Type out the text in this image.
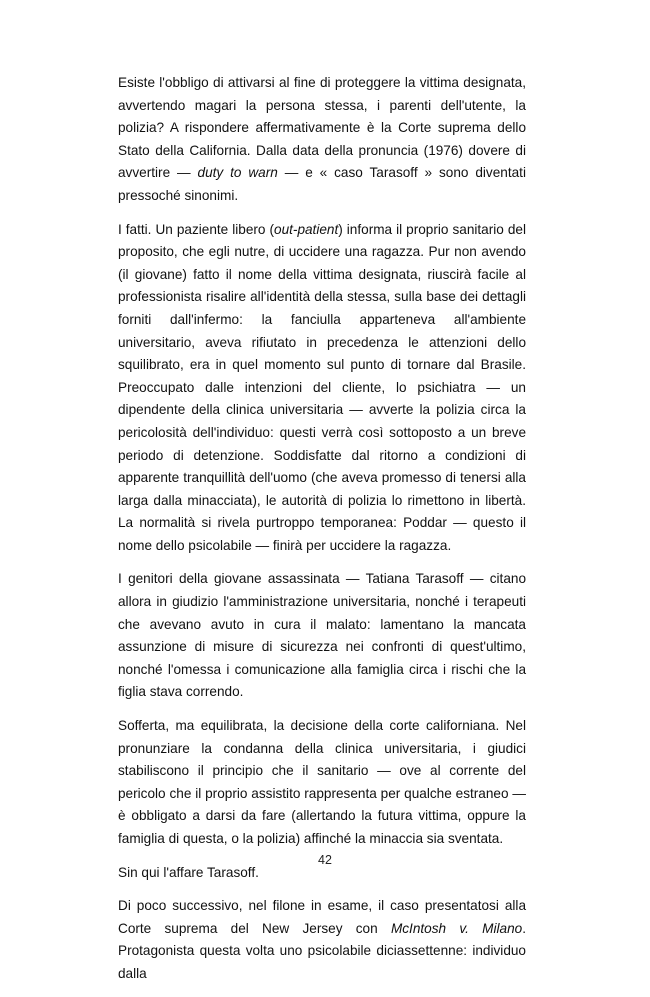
Esiste l'obbligo di attivarsi al fine di proteggere la vittima designata, avvertendo magari la persona stessa, i parenti dell'utente, la polizia? A rispondere affermativamente è la Corte suprema dello Stato della California. Dalla data della pronuncia (1976) dovere di avvertire — duty to warn — e « caso Tarasoff » sono diventati pressoché sinonimi.

I fatti. Un paziente libero (out-patient) informa il proprio sanitario del proposito, che egli nutre, di uccidere una ragazza. Pur non avendo (il giovane) fatto il nome della vittima designata, riuscirà facile al professionista risalire all'identità della stessa, sulla base dei dettagli forniti dall'infermo: la fanciulla apparteneva all'ambiente universitario, aveva rifiutato in precedenza le attenzioni dello squilibrato, era in quel momento sul punto di tornare dal Brasile. Preoccupato dalle intenzioni del cliente, lo psichiatra — un dipendente della clinica universitaria — avverte la polizia circa la pericolosità dell'individuo: questi verrà così sottoposto a un breve periodo di detenzione. Soddisfatte dal ritorno a condizioni di apparente tranquillità dell'uomo (che aveva promesso di tenersi alla larga dalla minacciata), le autorità di polizia lo rimettono in libertà. La normalità si rivela purtroppo temporanea: Poddar — questo il nome dello psicolabile — finirà per uccidere la ragazza.

I genitori della giovane assassinata — Tatiana Tarasoff — citano allora in giudizio l'amministrazione universitaria, nonché i terapeuti che avevano avuto in cura il malato: lamentano la mancata assunzione di misure di sicurezza nei confronti di quest'ultimo, nonché l'omessa i comunicazione alla famiglia circa i rischi che la figlia stava correndo.

Sofferta, ma equilibrata, la decisione della corte californiana. Nel pronunziare la condanna della clinica universitaria, i giudici stabiliscono il principio che il sanitario — ove al corrente del pericolo che il proprio assistito rappresenta per qualche estraneo — è obbligato a darsi da fare (allertando la futura vittima, oppure la famiglia di questa, o la polizia) affinché la minaccia sia sventata.

Sin qui l'affare Tarasoff.

Di poco successivo, nel filone in esame, il caso presentatosi alla Corte suprema del New Jersey con McIntosh v. Milano. Protagonista questa volta uno psicolabile diciassettenne: individuo dalla

42
